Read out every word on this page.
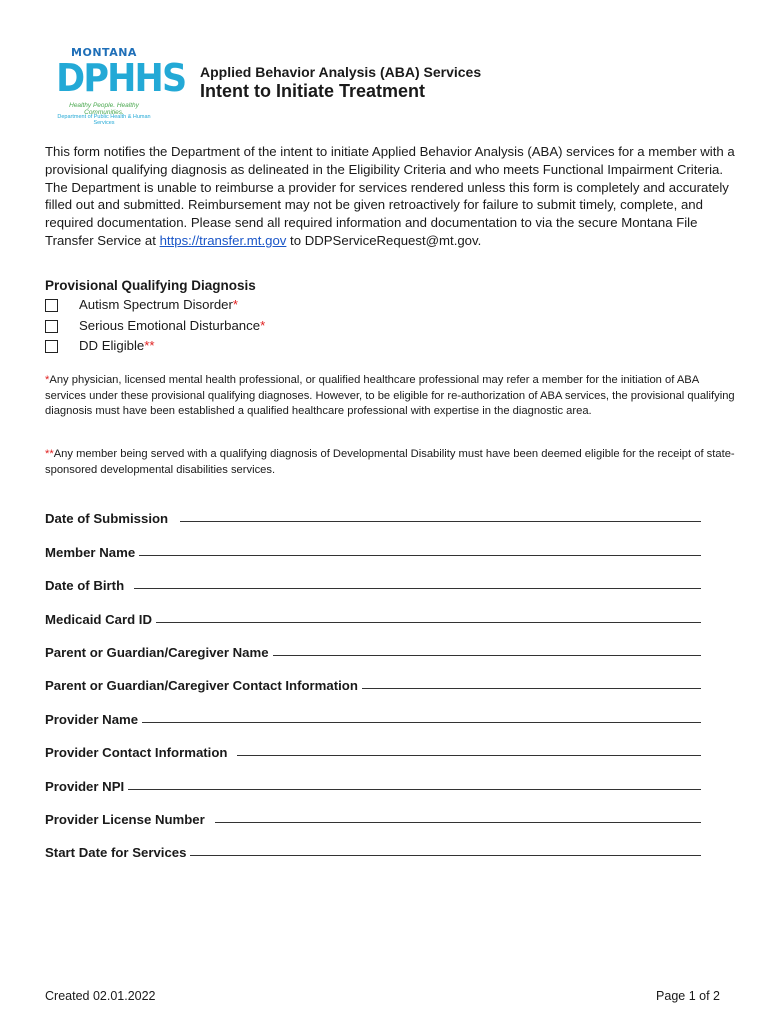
MONTANA
DPHHS
Healthy People. Healthy Communities.
Department of Public Health & Human Services
Applied Behavior Analysis (ABA) Services
Intent to Initiate Treatment
This form notifies the Department of the intent to initiate Applied Behavior Analysis (ABA) services for a member with a provisional qualifying diagnosis as delineated in the Eligibility Criteria and who meets Functional Impairment Criteria. The Department is unable to reimburse a provider for services rendered unless this form is completely and accurately filled out and submitted. Reimbursement may not be given retroactively for failure to submit timely, complete, and required documentation. Please send all required information and documentation to via the secure Montana File Transfer Service at https://transfer.mt.gov to DDPServiceRequest@mt.gov.
Provisional Qualifying Diagnosis
Autism Spectrum Disorder*
Serious Emotional Disturbance*
DD Eligible**
*Any physician, licensed mental health professional, or qualified healthcare professional may refer a member for the initiation of ABA services under these provisional qualifying diagnoses. However, to be eligible for re-authorization of ABA services, the provisional qualifying diagnosis must have been established a qualified healthcare professional with expertise in the diagnostic area.
**Any member being served with a qualifying diagnosis of Developmental Disability must have been deemed eligible for the receipt of state-sponsored developmental disabilities services.
Date of Submission
Member Name
Date of Birth
Medicaid Card ID
Parent or Guardian/Caregiver Name
Parent or Guardian/Caregiver Contact Information
Provider Name
Provider Contact Information
Provider NPI
Provider License Number
Start Date for Services
Created 02.01.2022	Page 1 of 2
